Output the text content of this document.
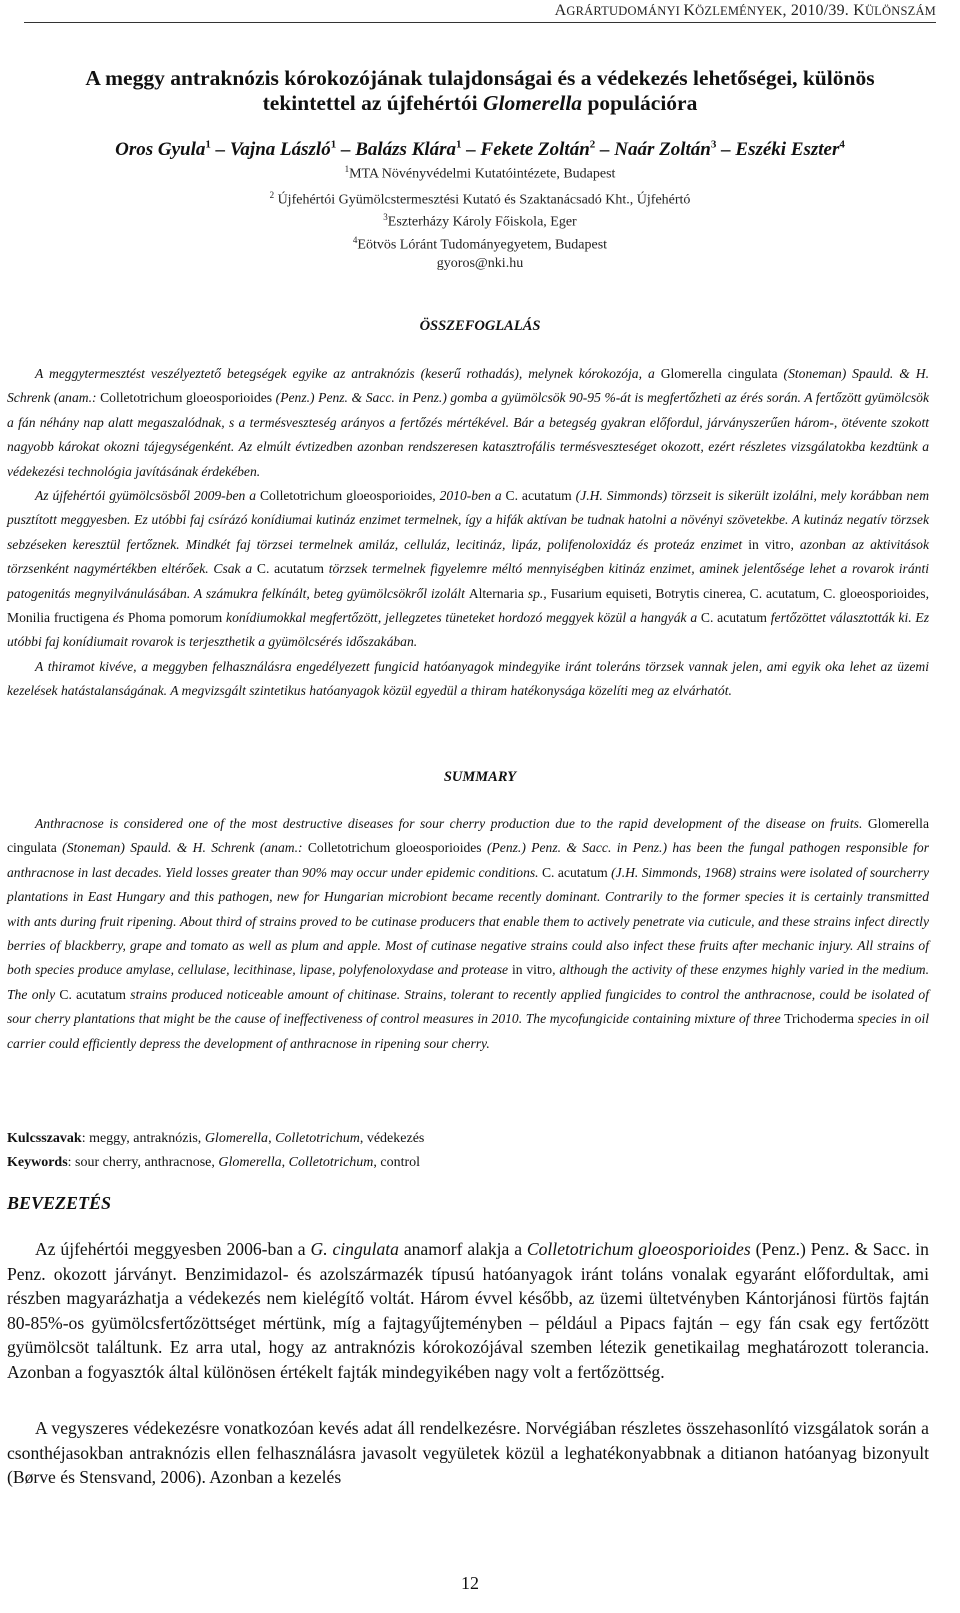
AGRÁRTUDOMÁNYI KÖZLEMÉNYEK, 2010/39. KÜLÖNSZÁM
A meggy antraknózis kórokozójának tulajdonságai és a védekezés lehetőségei, különös
tekintettel az újfehértói Glomerella populációra
Oros Gyula$^1$ – Vajna László$^1$ – Balázs Klára$^1$ – Fekete Zoltán$^2$ – Naár Zoltán$^3$ – Eszéki Eszter$^4$
$^1$MTA Növényvédelmi Kutatóintézete, Budapest
$^2$ Újfehértói Gyümölcstermesztési Kutató és Szaktanácsadó Kht., Újfehértó
$^3$Eszterházy Károly Főiskola, Eger
$^4$Eötvös Lóránt Tudományegyetem, Budapest
gyoros@nki.hu
ÖSSZEFOGLALÁS

A meggytermesztést veszélyeztető betegségek egyike az antraknózis (keserű rothadás), melynek kórokozója, a Glomerella cingulata (Stoneman) Spauld. & H. Schrenk (anam.: Colletotrichum gloeosporioides (Penz.) Penz. & Sacc. in Penz.) gomba a gyümölcsök 90-95 %-át is megfertőzheti az érés során. A fertőzött gyümölcsök a fán néhány nap alatt megaszalódnak, s a termésveszteség arányos a fertőzés mértékével. Bár a betegség gyakran előfordul, járványszerűen három-, ötévente szokott nagyobb károkat okozni tájegységenként. Az elmúlt évtizedben azonban rendszeresen katasztrofális termésveszteséget okozott, ezért részletes vizsgálatokba kezdtünk a védekezési technológia javításának érdekében.

Az újfehértói gyümölcsösből 2009-ben a Colletotrichum gloeosporioides, 2010-ben a C. acutatum (J.H. Simmonds) törzseit is sikerült izolálni, mely korábban nem pusztított meggyesben. Ez utóbbi faj csírázó konídiumai kutináz enzimet termelnek, így a hifák aktívan be tudnak hatolni a növényi szövetekbe. A kutináz negatív törzsek sebzéseken keresztül fertőznek. Mindkét faj törzsei termelnek amiláz, celluláz, lecitináz, lipáz, polifenoloxidáz és proteáz enzimet in vitro, azonban az aktivitások törzsenként nagymértékben eltérőek. Csak a C. acutatum törzsek termelnek figyelemre méltó mennyiségben kitináz enzimet, aminek jelentősége lehet a rovarok iránti patogenitás megnyilvánulásában. A számukra felkínált, beteg gyümölcsökről izolált Alternaria sp., Fusarium equiseti, Botrytis cinerea, C. acutatum, C. gloeosporioides, Monilia fructigena és Phoma pomorum konídiumokkal megfertőzött, jellegzetes tüneteket hordozó meggyek közül a hangyák a C. acutatum fertőzöttet választották ki. Ez utóbbi faj konídiumait rovarok is terjeszthetik a gyümölcsérés időszakában.

A thiramot kivéve, a meggyben felhasználásra engedélyezett fungicid hatóanyagok mindegyike iránt toleráns törzsek vannak jelen, ami egyik oka lehet az üzemi kezelések hatástalanságának. A megvizsgált szintetikus hatóanyagok közül egyedül a thiram hatékonysága közelíti meg az elvárhatót.

SUMMARY

Anthracnose is considered one of the most destructive diseases for sour cherry production due to the rapid development of the disease on fruits. Glomerella cingulata (Stoneman) Spauld. & H. Schrenk (anam.: Colletotrichum gloeosporioides (Penz.) Penz. & Sacc. in Penz.) has been the fungal pathogen responsible for anthracnose in last decades. Yield losses greater than 90% may occur under epidemic conditions. C. acutatum (J.H. Simmonds, 1968) strains were isolated of sourcherry plantations in East Hungary and this pathogen, new for Hungarian microbiont became recently dominant. Contrarily to the former species it is certainly transmitted with ants during fruit ripening. About third of strains proved to be cutinase producers that enable them to actively penetrate via cuticule, and these strains infect directly berries of blackberry, grape and tomato as well as plum and apple. Most of cutinase negative strains could also infect these fruits after mechanic injury. All strains of both species produce amylase, cellulase, lecithinase, lipase, polyfenoloxydase and protease in vitro, although the activity of these enzymes highly varied in the medium. The only C. acutatum strains produced noticeable amount of chitinase. Strains, tolerant to recently applied fungicides to control the anthracnose, could be isolated of sour cherry plantations that might be the cause of ineffectiveness of control measures in 2010. The mycofungicide containing mixture of three Trichoderma species in oil carrier could efficiently depress the development of anthracnose in ripening sour cherry.

Kulcsszavak: meggy, antraknózis, Glomerella, Colletotrichum, védekezés
Keywords: sour cherry, anthracnose, Glomerella, Colletotrichum, control
BEVEZETÉS

Az újfehértói meggyesben 2006-ban a G. cingulata anamorf alakja a Colletotrichum gloeosporioides (Penz.) Penz. & Sacc. in Penz. okozott járványt. Benzimidazol- és azolszármazék típusú hatóanyagok iránt toláns vonalak egyaránt előfordultak, ami részben magyarázhatja a védekezés nem kielégítő voltát. Három évvel később, az üzemi ültetvényben Kántorjánosi fürtös fajtán 80-85%-os gyümölcsfertőzöttséget mértünk, míg a fajtagyűjteményben – például a Pipacs fajtán – egy fán csak egy fertőzött gyümölcsöt találtunk. Ez arra utal, hogy az antraknózis kórokozójával szemben létezik genetikailag meghatározott tolerancia. Azonban a fogyasztók által különösen értékelt fajták mindegyikében nagy volt a fertőzöttség.

A vegyszeres védekezésre vonatkozóan kevés adat áll rendelkezésre. Norvégiában részletes összehasonlító vizsgálatok során a csonthéjasokban antraknózis ellen felhasználásra javasolt vegyületek közül a leghatékonyabbnak a ditianon hatóanyag bizonyult (Børve és Stensvand, 2006). Azonban a kezelés

12
